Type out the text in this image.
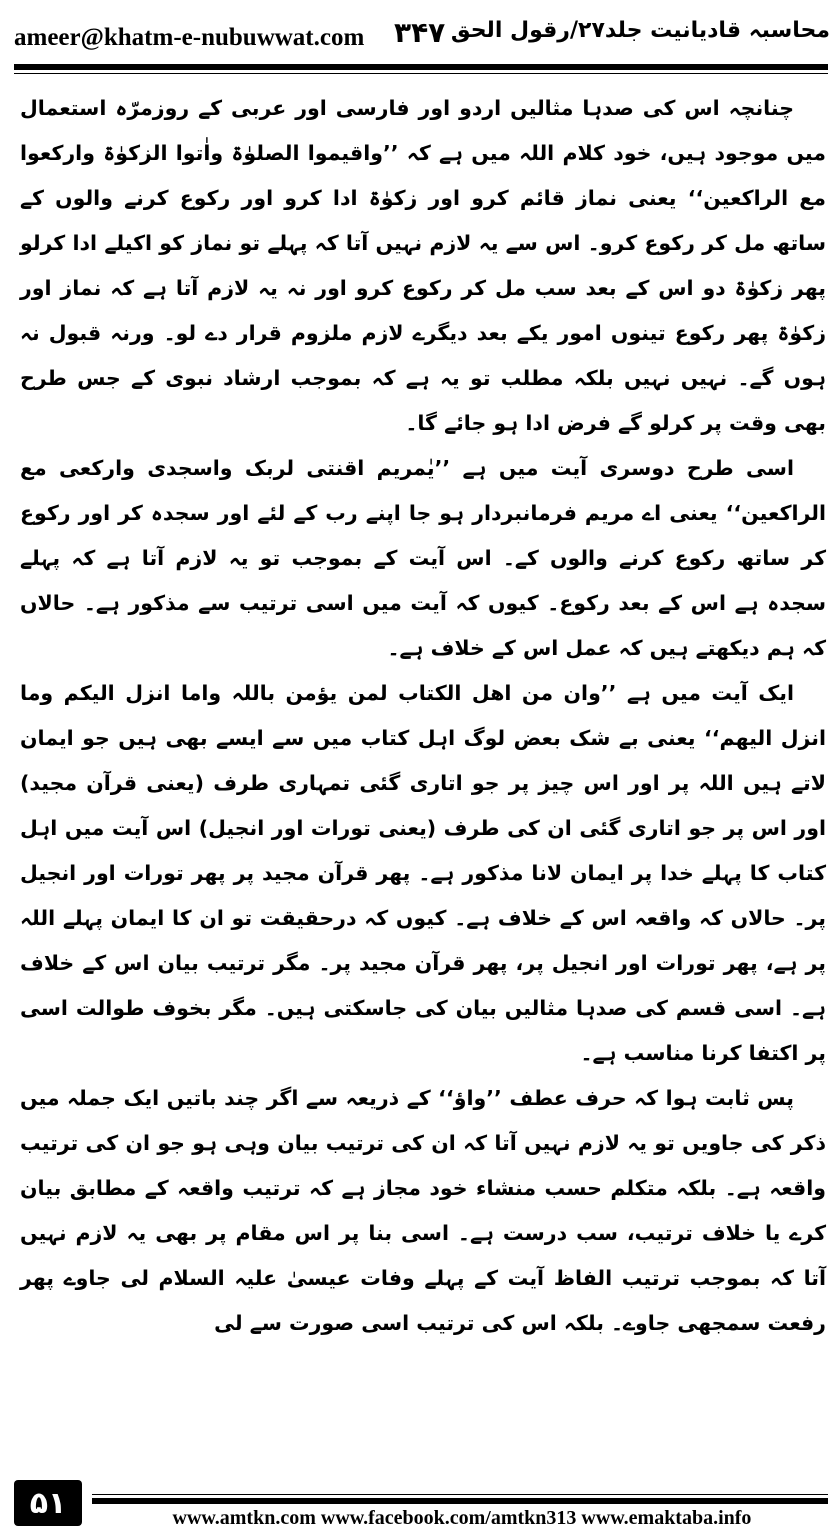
ameer@khatm-e-nubuwwat.com ۳۴۷ محاسبہ قادیانیت جلد۲۷/رقول الحق

چنانچہ اس کی صدہا مثالیں اردو اور فارسی اور عربی کے روزمرّہ استعمال میں موجود ہیں، خود کلام اللہ میں ہے کہ ’’واقیموا الصلوٰۃ واٰتوا الزکوٰۃ وارکعوا مع الراکعین‘‘ یعنی نماز قائم کرو اور زکوٰۃ ادا کرو اور رکوع کرنے والوں کے ساتھ مل کر رکوع کرو۔ اس سے یہ لازم نہیں آتا کہ پہلے تو نماز کو اکیلے ادا کرلو پھر زکوٰۃ دو اس کے بعد سب مل کر رکوع کرو اور نہ یہ لازم آتا ہے کہ نماز اور زکوٰۃ پھر رکوع تینوں امور یکے بعد دیگرے لازم ملزوم قرار دے لو۔ ورنہ قبول نہ ہوں گے۔ نہیں نہیں بلکہ مطلب تو یہ ہے کہ بموجب ارشاد نبوی کے جس طرح بھی وقت پر کرلو گے فرض ادا ہو جائے گا۔

اسی طرح دوسری آیت میں ہے ’’یٰمریم اقنتی لربک واسجدی وارکعی مع الراکعین‘‘ یعنی اے مریم فرمانبردار ہو جا اپنے رب کے لئے اور سجدہ کر اور رکوع کر ساتھ رکوع کرنے والوں کے۔ اس آیت کے بموجب تو یہ لازم آتا ہے کہ پہلے سجدہ ہے اس کے بعد رکوع۔ کیوں کہ آیت میں اسی ترتیب سے مذکور ہے۔ حالاں کہ ہم دیکھتے ہیں کہ عمل اس کے خلاف ہے۔

ایک آیت میں ہے ’’وان من اھل الکتاب لمن یؤمن باللہ واما انزل الیکم وما انزل الیھم‘‘ یعنی بے شک بعض لوگ اہل کتاب میں سے ایسے بھی ہیں جو ایمان لاتے ہیں اللہ پر اور اس چیز پر جو اتاری گئی تمہاری طرف (یعنی قرآن مجید) اور اس پر جو اتاری گئی ان کی طرف (یعنی تورات اور انجیل) اس آیت میں اہل کتاب کا پہلے خدا پر ایمان لانا مذکور ہے۔ پھر قرآن مجید پر پھر تورات اور انجیل پر۔ حالاں کہ واقعہ اس کے خلاف ہے۔ کیوں کہ درحقیقت تو ان کا ایمان پہلے اللہ پر ہے، پھر تورات اور انجیل پر، پھر قرآن مجید پر۔ مگر ترتیب بیان اس کے خلاف ہے۔ اسی قسم کی صدہا مثالیں بیان کی جاسکتی ہیں۔ مگر بخوف طوالت اسی پر اکتفا کرنا مناسب ہے۔

پس ثابت ہوا کہ حرف عطف ’’واؤ‘‘ کے ذریعہ سے اگر چند باتیں ایک جملہ میں ذکر کی جاویں تو یہ لازم نہیں آتا کہ ان کی ترتیب بیان وہی ہو جو ان کی ترتیب واقعہ ہے۔ بلکہ متکلم حسب منشاء خود مجاز ہے کہ ترتیب واقعہ کے مطابق بیان کرے یا خلاف ترتیب، سب درست ہے۔ اسی بنا پر اس مقام پر بھی یہ لازم نہیں آتا کہ بموجب ترتیب الفاظ آیت کے پہلے وفات عیسیٰ علیہ السلام لی جاوے پھر رفعت سمجھی جاوے۔ بلکہ اس کی ترتیب اسی صورت سے لی

۵۱	www.amtkn.com www.facebook.com/amtkn313 www.emaktaba.info
